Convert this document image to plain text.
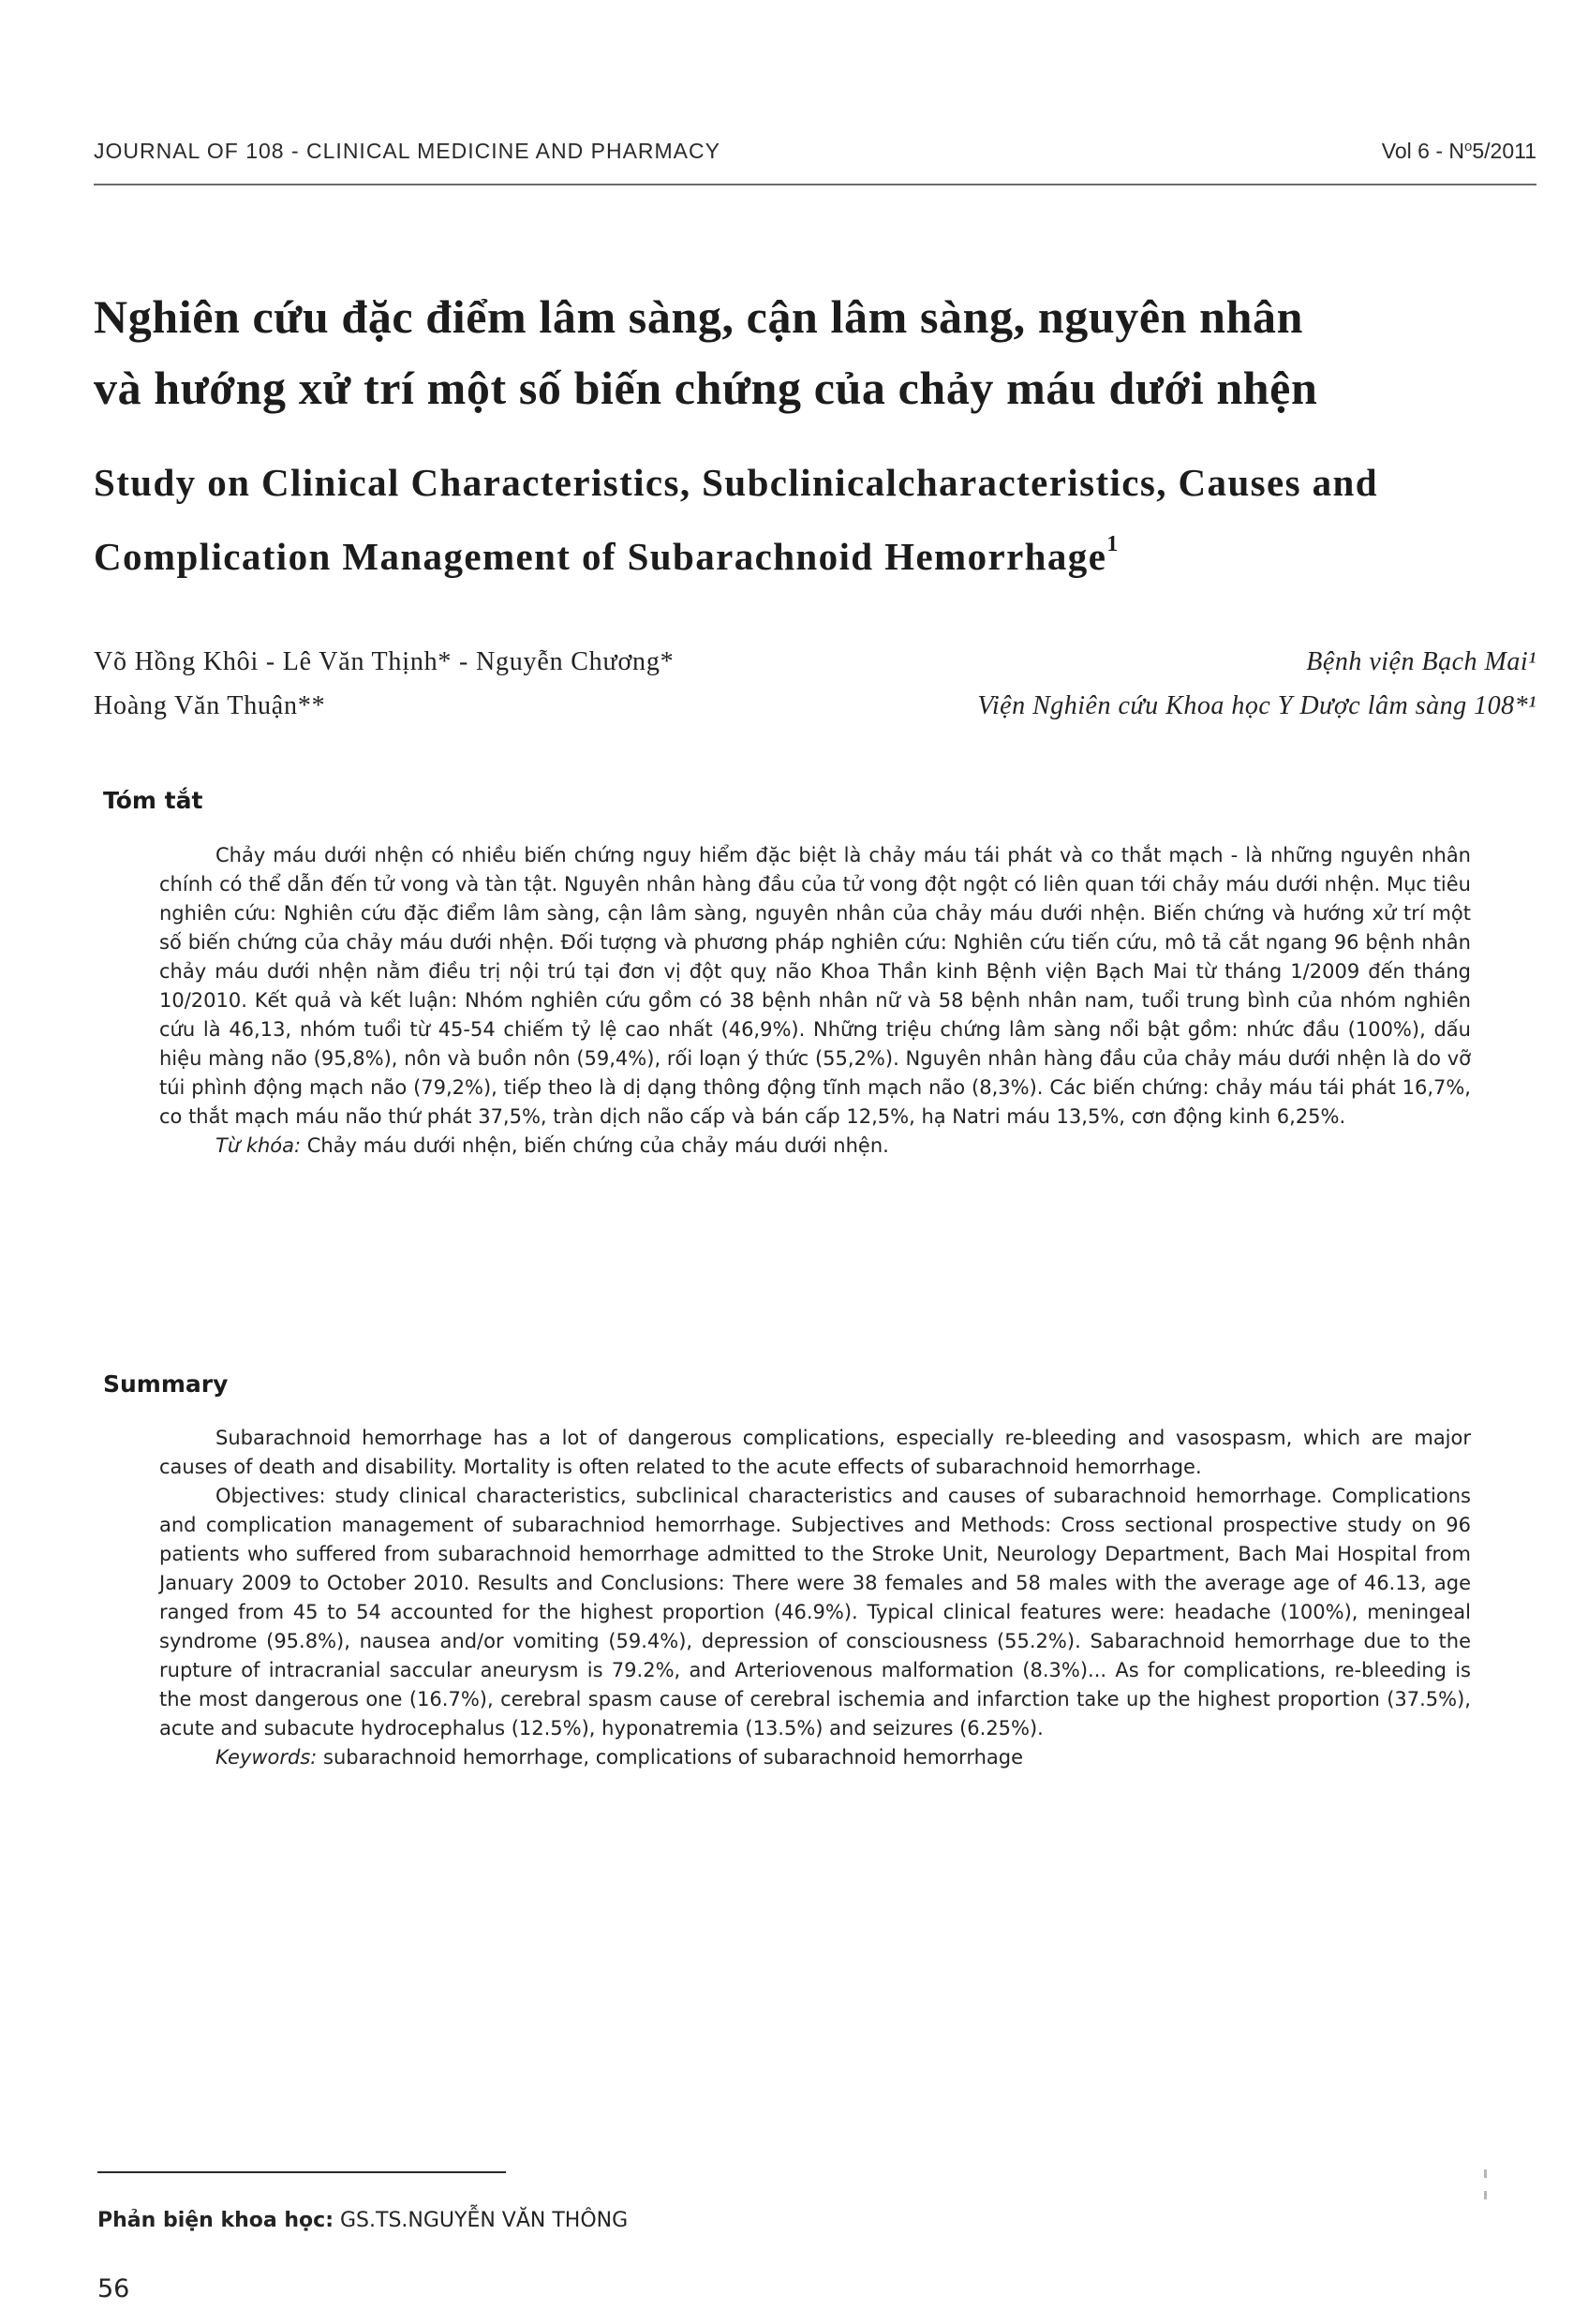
JOURNAL OF 108 - CLINICAL MEDICINE AND PHARMACY	Vol $6 - N^o5/2011$
Nghiên cứu đặc điểm lâm sàng, cận lâm sàng, nguyên nhân
và hướng xử trí một số biến chứng của chảy máu dưới nhện
Study on Clinical Characteristics, Subclinicalcharacteristics, Causes and
Complication Management of Subarachnoid Hemorrhage$^1$
Võ Hồng Khôi - Lê Văn Thịnh* - Nguyễn Chương*
Hoàng Văn Thuận**
Bệnh viện Bạch Mai¹
Viện Nghiên cứu Khoa học Y Dược lâm sàng 108*¹
Tóm tắt

Chảy máu dưới nhện có nhiều biến chứng nguy hiểm đặc biệt là chảy máu tái phát và co thắt mạch - là những nguyên nhân chính có thể dẫn đến tử vong và tàn tật. Nguyên nhân hàng đầu của tử vong đột ngột có liên quan tới chảy máu dưới nhện. Mục tiêu nghiên cứu: Nghiên cứu đặc điểm lâm sàng, cận lâm sàng, nguyên nhân của chảy máu dưới nhện. Biến chứng và hướng xử trí một số biến chứng của chảy máu dưới nhện. Đối tượng và phương pháp nghiên cứu: Nghiên cứu tiến cứu, mô tả cắt ngang 96 bệnh nhân chảy máu dưới nhện nằm điều trị nội trú tại đơn vị đột quỵ não Khoa Thần kinh Bệnh viện Bạch Mai từ tháng 1/2009 đến tháng 10/2010. Kết quả và kết luận: Nhóm nghiên cứu gồm có 38 bệnh nhân nữ và 58 bệnh nhân nam, tuổi trung bình của nhóm nghiên cứu là 46,13, nhóm tuổi từ 45-54 chiếm tỷ lệ cao nhất (46,9%). Những triệu chứng lâm sàng nổi bật gồm: nhức đầu (100%), dấu hiệu màng não (95,8%), nôn và buồn nôn (59,4%), rối loạn ý thức (55,2%). Nguyên nhân hàng đầu của chảy máu dưới nhện là do vỡ túi phình động mạch não (79,2%), tiếp theo là dị dạng thông động tĩnh mạch não (8,3%). Các biến chứng: chảy máu tái phát 16,7%, co thắt mạch máu não thứ phát 37,5%, tràn dịch não cấp và bán cấp 12,5%, hạ Natri máu 13,5%, cơn động kinh 6,25%.

Từ khóa: Chảy máu dưới nhện, biến chứng của chảy máu dưới nhện.

Summary

Subarachnoid hemorrhage has a lot of dangerous complications, especially re-bleeding and vasospasm, which are major causes of death and disability. Mortality is often related to the acute effects of subarachnoid hemorrhage.

Objectives: study clinical characteristics, subclinical characteristics and causes of subarachnoid hemorrhage. Complications and complication management of subarachniod hemorrhage. Subjectives and Methods: Cross sectional prospective study on 96 patients who suffered from subarachnoid hemorrhage admitted to the Stroke Unit, Neurology Department, Bach Mai Hospital from January 2009 to October 2010. Results and Conclusions: There were 38 females and 58 males with the average age of 46.13, age ranged from 45 to 54 accounted for the highest proportion (46.9%). Typical clinical features were: headache (100%), meningeal syndrome (95.8%), nausea and/or vomiting (59.4%), depression of consciousness (55.2%). Sabarachnoid hemorrhage due to the rupture of intracranial saccular aneurysm is 79.2%, and Arteriovenous malformation (8.3%)... As for complications, re-bleeding is the most dangerous one (16.7%), cerebral spasm cause of cerebral ischemia and infarction take up the highest proportion (37.5%), acute and subacute hydrocephalus (12.5%), hyponatremia (13.5%) and seizures (6.25%).

Keywords: subarachnoid hemorrhage, complications of subarachnoid hemorrhage

Phản biện khoa học: GS.TS.NGUYỄN VĂN THÔNG
56
